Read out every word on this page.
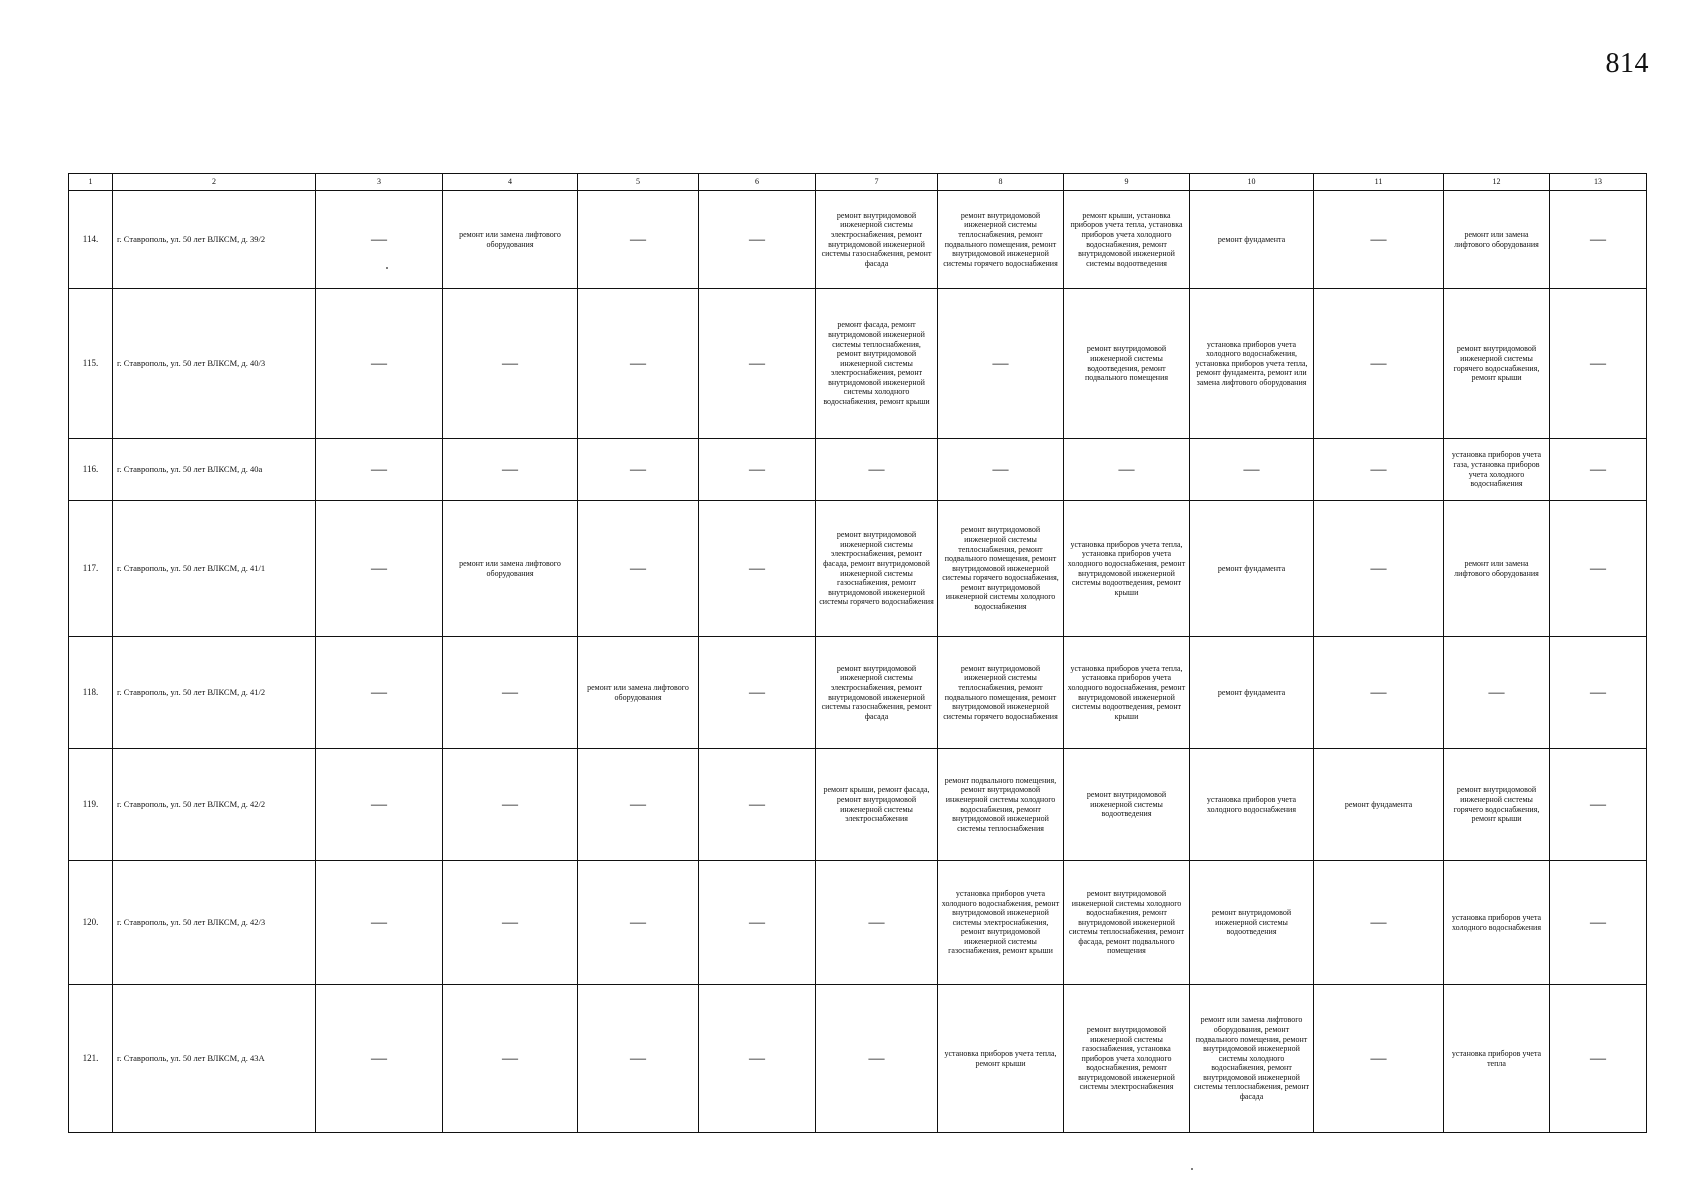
814
1	2	3	4	5	6	7	8	9	10	11	12	13
114.	г. Ставрополь, ул. 50 лет ВЛКСМ, д. 39/2	—	ремонт или замена лифтового оборудования	—	—	ремонт внутридомовой инженерной системы электроснабжения, ремонт внутридомовой инженерной системы газоснабжения, ремонт фасада	ремонт внутридомовой инженерной системы теплоснабжения, ремонт подвального помещения, ремонт внутридомовой инженерной системы горячего водоснабжения	ремонт крыши, установка приборов учета тепла, установка приборов учета холодного водоснабжения, ремонт внутридомовой инженерной системы водоотведения	ремонт фундамента	—	ремонт или замена лифтового оборудования	—
115.	г. Ставрополь, ул. 50 лет ВЛКСМ, д. 40/3	—	—	—	—	ремонт фасада, ремонт внутридомовой инженерной системы теплоснабжения, ремонт внутридомовой инженерной системы электроснабжения, ремонт внутридомовой инженерной системы холодного водоснабжения, ремонт крыши	—	ремонт внутридомовой инженерной системы водоотведения, ремонт подвального помещения	установка приборов учета холодного водоснабжения, установка приборов учета тепла, ремонт фундамента, ремонт или замена лифтового оборудования	—	ремонт внутридомовой инженерной системы горячего водоснабжения, ремонт крыши	—
116.	г. Ставрополь, ул. 50 лет ВЛКСМ, д. 40а	—	—	—	—	—	—	—	—	—	установка приборов учета газа, установка приборов учета холодного водоснабжения	—
117.	г. Ставрополь, ул. 50 лет ВЛКСМ, д. 41/1	—	ремонт или замена лифтового оборудования	—	—	ремонт внутридомовой инженерной системы электроснабжения, ремонт фасада, ремонт внутридомовой инженерной системы газоснабжения, ремонт внутридомовой инженерной системы горячего водоснабжения	ремонт внутридомовой инженерной системы теплоснабжения, ремонт подвального помещения, ремонт внутридомовой инженерной системы горячего водоснабжения, ремонт внутридомовой инженерной системы холодного водоснабжения	установка приборов учета тепла, установка приборов учета холодного водоснабжения, ремонт внутридомовой инженерной системы водоотведения, ремонт крыши	ремонт фундамента	—	ремонт или замена лифтового оборудования	—
118.	г. Ставрополь, ул. 50 лет ВЛКСМ, д. 41/2	—	—	ремонт или замена лифтового оборудования	—	ремонт внутридомовой инженерной системы электроснабжения, ремонт внутридомовой инженерной системы газоснабжения, ремонт фасада	ремонт внутридомовой инженерной системы теплоснабжения, ремонт подвального помещения, ремонт внутридомовой инженерной системы горячего водоснабжения	установка приборов учета тепла, установка приборов учета холодного водоснабжения, ремонт внутридомовой инженерной системы водоотведения, ремонт крыши	ремонт фундамента	—	—	—
119.	г. Ставрополь, ул. 50 лет ВЛКСМ, д. 42/2	—	—	—	—	ремонт крыши, ремонт фасада, ремонт внутридомовой инженерной системы электроснабжения	ремонт подвального помещения, ремонт внутридомовой инженерной системы холодного водоснабжения, ремонт внутридомовой инженерной системы теплоснабжения	ремонт внутридомовой инженерной системы водоотведения	установка приборов учета холодного водоснабжения	ремонт фундамента	ремонт внутридомовой инженерной системы горячего водоснабжения, ремонт крыши	—
120.	г. Ставрополь, ул. 50 лет ВЛКСМ, д. 42/3	—	—	—	—	—	установка приборов учета холодного водоснабжения, ремонт внутридомовой инженерной системы электроснабжения, ремонт внутридомовой инженерной системы газоснабжения, ремонт крыши	ремонт внутридомовой инженерной системы холодного водоснабжения, ремонт внутридомовой инженерной системы теплоснабжения, ремонт фасада, ремонт подвального помещения	ремонт внутридомовой инженерной системы водоотведения	—	установка приборов учета холодного водоснабжения	—
121.	г. Ставрополь, ул. 50 лет ВЛКСМ, д. 43А	—	—	—	—	—	установка приборов учета тепла, ремонт крыши	ремонт внутридомовой инженерной системы газоснабжения, установка приборов учета холодного водоснабжения, ремонт внутридомовой инженерной системы электроснабжения	ремонт или замена лифтового оборудования, ремонт подвального помещения, ремонт внутридомовой инженерной системы холодного водоснабжения, ремонт внутридомовой инженерной системы теплоснабжения, ремонт фасада	—	установка приборов учета тепла	—
